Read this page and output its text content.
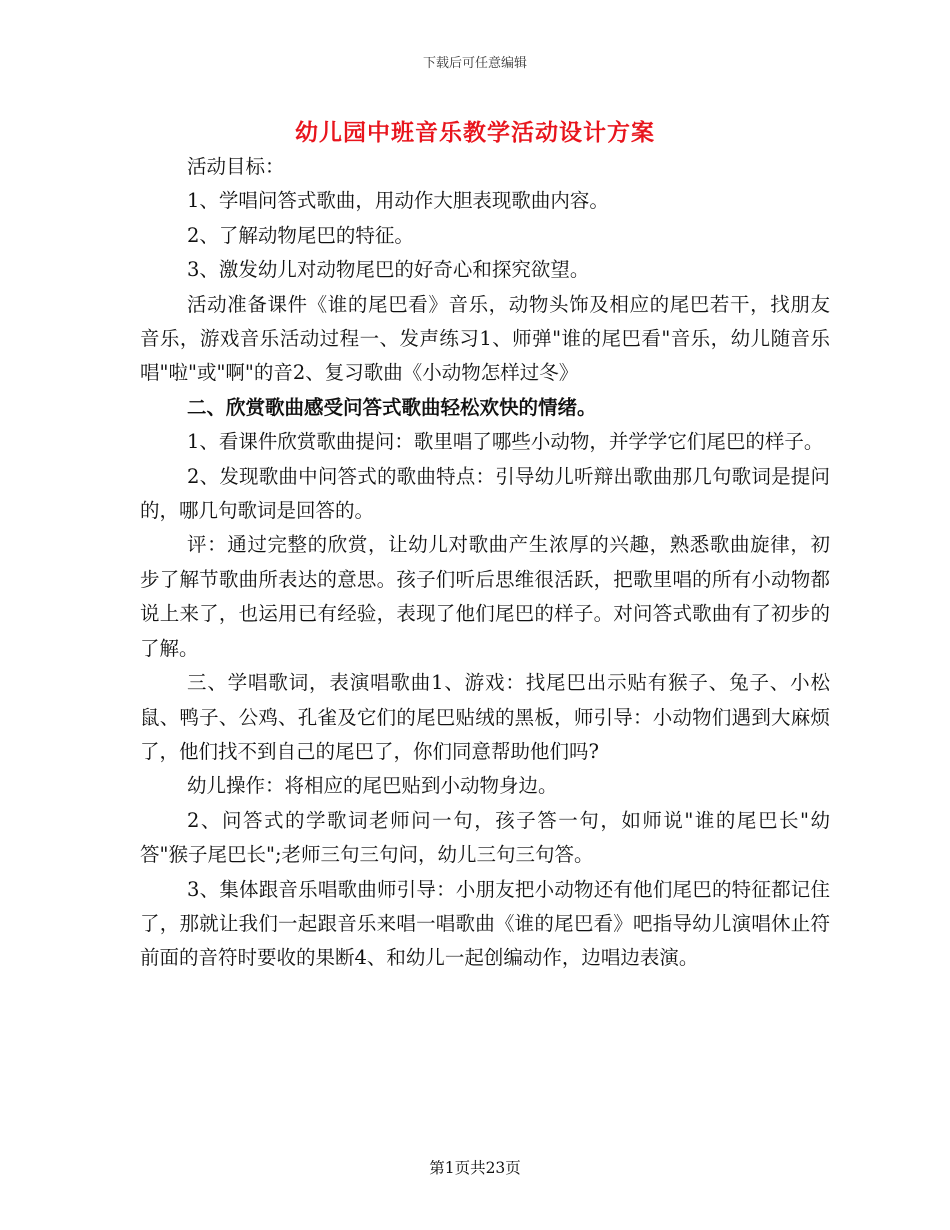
下载后可任意编辑
幼儿园中班音乐教学活动设计方案

活动目标：

1、学唱问答式歌曲，用动作大胆表现歌曲内容。

2、了解动物尾巴的特征。

3、激发幼儿对动物尾巴的好奇心和探究欲望。

活动准备课件《谁的尾巴看》音乐，动物头饰及相应的尾巴若干，找朋友音乐，游戏音乐活动过程一、发声练习1、师弹"谁的尾巴看"音乐，幼儿随音乐唱"啦"或"啊"的音2、复习歌曲《小动物怎样过冬》

二、欣赏歌曲感受问答式歌曲轻松欢快的情绪。

1、看课件欣赏歌曲提问：歌里唱了哪些小动物，并学学它们尾巴的样子。

2、发现歌曲中问答式的歌曲特点：引导幼儿听辩出歌曲那几句歌词是提问的，哪几句歌词是回答的。

评：通过完整的欣赏，让幼儿对歌曲产生浓厚的兴趣，熟悉歌曲旋律，初步了解节歌曲所表达的意思。孩子们听后思维很活跃，把歌里唱的所有小动物都说上来了，也运用已有经验，表现了他们尾巴的样子。对问答式歌曲有了初步的了解。

三、学唱歌词，表演唱歌曲1、游戏：找尾巴出示贴有猴子、兔子、小松鼠、鸭子、公鸡、孔雀及它们的尾巴贴绒的黑板，师引导：小动物们遇到大麻烦了，他们找不到自己的尾巴了，你们同意帮助他们吗?

幼儿操作：将相应的尾巴贴到小动物身边。

2、问答式的学歌词老师问一句，孩子答一句，如师说"谁的尾巴长"幼答"猴子尾巴长";老师三句三句问，幼儿三句三句答。

3、集体跟音乐唱歌曲师引导：小朋友把小动物还有他们尾巴的特征都记住了，那就让我们一起跟音乐来唱一唱歌曲《谁的尾巴看》吧指导幼儿演唱休止符前面的音符时要收的果断4、和幼儿一起创编动作，边唱边表演。

第1页共23页
